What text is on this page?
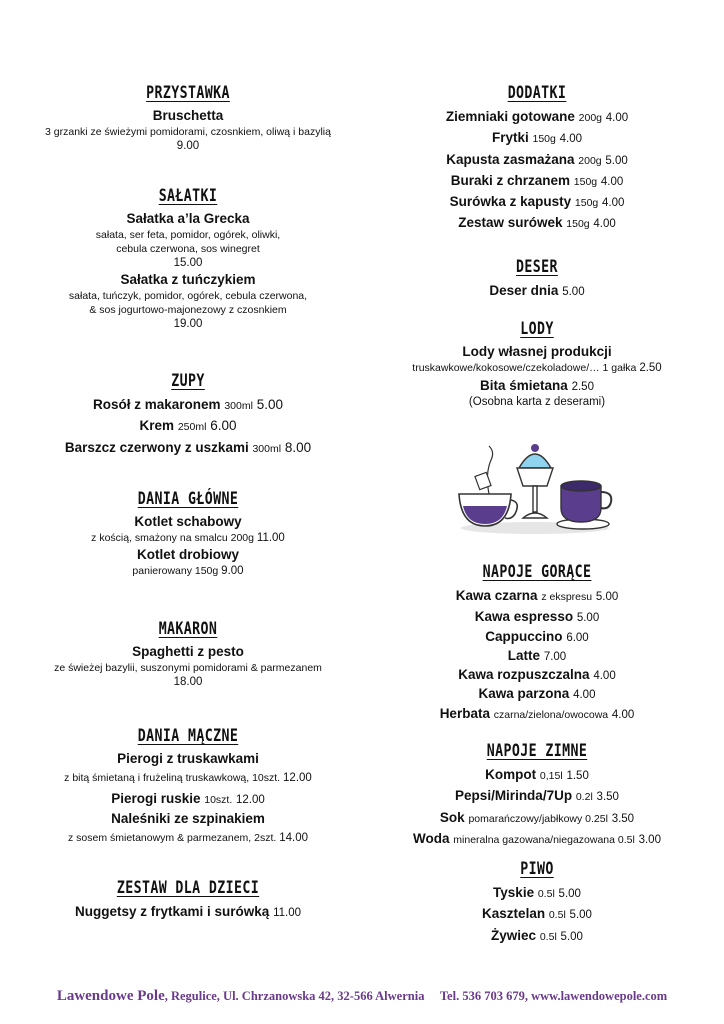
PRZYSTAWKA
Bruschetta
3 grzanki ze świeżymi pomidorami, czosnkiem, oliwą i bazylią
9.00
SAŁATKI
Sałatka a’la Grecka
sałata, ser feta, pomidor, ogórek, oliwki,
cebula czerwona, sos winegret
15.00
Sałatka z tuńczykiem
sałata, tuńczyk, pomidor, ogórek, cebula czerwona,
& sos jogurtowo-majonezowy z czosnkiem
19.00
ZUPY
Rosół z makaronem 300ml 5.00
Krem 250ml 6.00
Barszcz czerwony z uszkami 300ml 8.00
DANIA GŁÓWNE
Kotlet schabowy
z kością, smażony na smalcu 200g 11.00
Kotlet drobiowy
panierowany 150g 9.00
MAKARON
Spaghetti z pesto
ze świeżej bazylii, suszonymi pomidorami & parmezanem
18.00
DANIA MĄCZNE
Pierogi z truskawkami
z bitą śmietaną i frużeliną truskawkową, 10szt. 12.00
Pierogi ruskie 10szt. 12.00
Naleśniki ze szpinakiem
z sosem śmietanowym & parmezanem, 2szt. 14.00
ZESTAW DLA DZIECI
Nuggetsy z frytkami i surówką 11.00
DODATKI
Ziemniaki gotowane 200g 4.00
Frytki 150g 4.00
Kapusta zasmażana 200g 5.00
Buraki z chrzanem 150g 4.00
Surówka z kapusty 150g 4.00
Zestaw surówek 150g 4.00
DESER
Deser dnia 5.00
LODY
Lody własnej produkcji
truskawkowe/kokosowe/czekoladowe/… 1 gałka 2.50
Bita śmietana 2.50
(Osobna karta z deserami)
NAPOJE GORĄCE
Kawa czarna z ekspresu 5.00
Kawa espresso 5.00
Cappuccino 6.00
Latte 7.00
Kawa rozpuszczalna 4.00
Kawa parzona 4.00
Herbata czarna/zielona/owocowa 4.00
NAPOJE ZIMNE
Kompot 0,15l 1.50
Pepsi/Mirinda/7Up 0.2l 3.50
Sok pomarańczowy/jabłkowy 0.25l 3.50
Woda mineralna gazowana/niegazowana 0.5l 3.00
PIWO
Tyskie 0.5l 5.00
Kasztelan 0.5l 5.00
Żywiec 0.5l 5.00
Lawendowe Pole, Regulice, Ul. Chrzanowska 42, 32-566 Alwernia Tel. 536 703 679, www.lawendowepole.com
